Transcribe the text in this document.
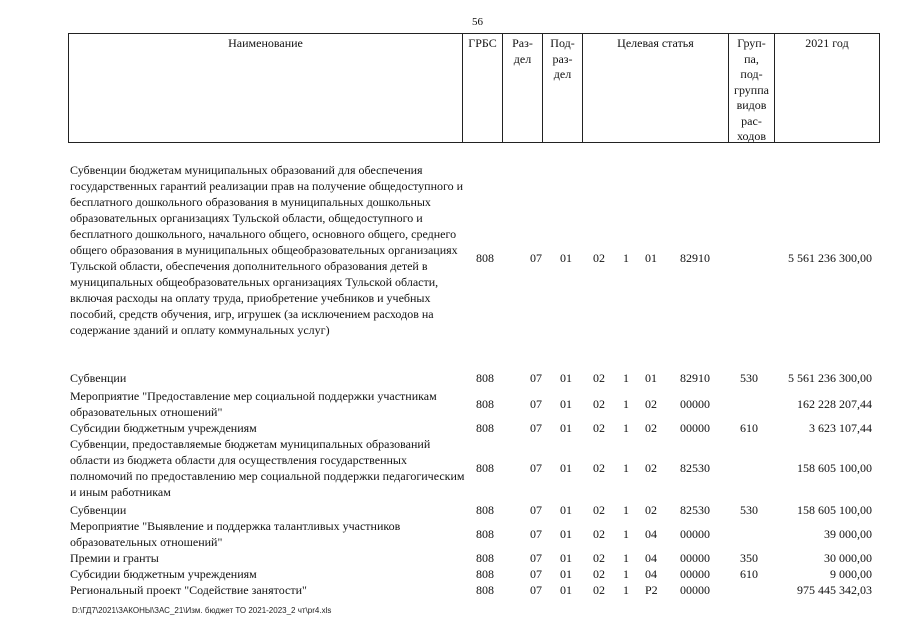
56
Наименование	ГРБС	Раз- дел
Под- раз- дел
Целевая статья	Груп- па, под- группа видов рас- ходов
2021 год
Субвенции бюджетам муниципальных образований для обеспечения государственных гарантий реализации прав на получение общедоступного и бесплатного дошкольного образования в муниципальных дошкольных образовательных организациях Тульской области, общедоступного и бесплатного дошкольного, начального общего, основного общего, среднего общего образования в муниципальных общеобразовательных организациях Тульской области, обеспечения дополнительного образования детей в муниципальных общеобразовательных организациях Тульской области, включая расходы на оплату труда, приобретение учебников и учебных пособий, средств обучения, игр, игрушек (за исключением расходов на содержание зданий и оплату коммунальных услуг)
808	07 01 02 1 01 82910	5 561 236 300,00
Субвенции	808	07 01 02 1 01 82910	530	5 561 236 300,00
Мероприятие "Предоставление мер социальной поддержки участникам образовательных отношений"
808	07 01 02 1 02 00000	162 228 207,44
Субсидии бюджетным учреждениям	808	07 01 02 1 02 00000	610	3 623 107,44
Субвенции, предоставляемые бюджетам муниципальных образований области из бюджета области для осуществления государственных полномочий по предоставлению мер социальной поддержки педагогическим и иным работникам
808	07 01 02 1 02 82530	158 605 100,00
Субвенции	808	07 01 02 1 02 82530	530	158 605 100,00
Мероприятие "Выявление и поддержка талантливых участников образовательных отношений"
808	07 01 02 1 04 00000	39 000,00
Премии и гранты	808	07 01 02 1 04 00000	350	30 000,00
Субсидии бюджетным учреждениям	808	07 01 02 1 04 00000	610	9 000,00
Региональный проект "Содействие занятости"	808	07 01 02 1 P2 00000	975 445 342,03
D:\ГД7\2021\ЗАКОНЫ\ЗАС_21\Изм. бюджет ТО 2021-2023_2 чт\pr4.xls
